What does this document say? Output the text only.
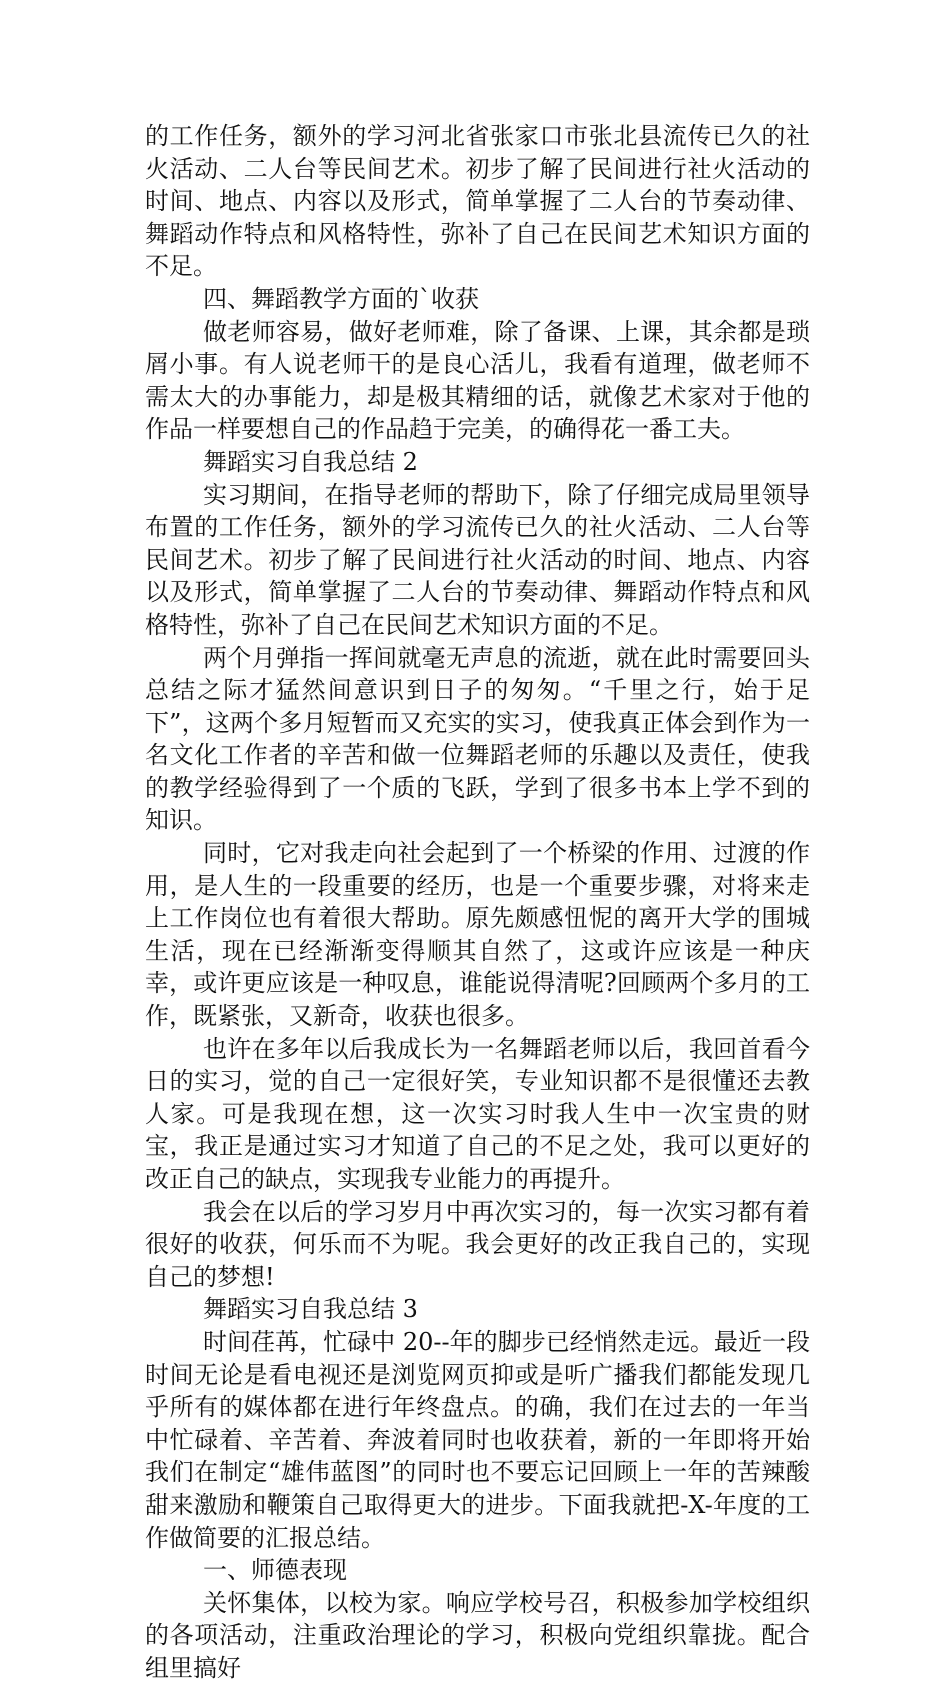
的工作任务，额外的学习河北省张家口市张北县流传已久的社火活动、二人台等民间艺术。初步了解了民间进行社火活动的时间、地点、内容以及形式，简单掌握了二人台的节奏动律、舞蹈动作特点和风格特性，弥补了自己在民间艺术知识方面的不足。

四、舞蹈教学方面的`收获

做老师容易，做好老师难，除了备课、上课，其余都是琐屑小事。有人说老师干的是良心活儿，我看有道理，做老师不需太大的办事能力，却是极其精细的话，就像艺术家对于他的作品一样要想自己的作品趋于完美，的确得花一番工夫。

舞蹈实习自我总结 2

实习期间，在指导老师的帮助下，除了仔细完成局里领导布置的工作任务，额外的学习流传已久的社火活动、二人台等民间艺术。初步了解了民间进行社火活动的时间、地点、内容以及形式，简单掌握了二人台的节奏动律、舞蹈动作特点和风格特性，弥补了自己在民间艺术知识方面的不足。

两个月弹指一挥间就毫无声息的流逝，就在此时需要回头总结之际才猛然间意识到日子的匆匆。“千里之行，始于足下”，这两个多月短暂而又充实的实习，使我真正体会到作为一名文化工作者的辛苦和做一位舞蹈老师的乐趣以及责任，使我的教学经验得到了一个质的飞跃，学到了很多书本上学不到的知识。

同时，它对我走向社会起到了一个桥梁的作用、过渡的作用，是人生的一段重要的经历，也是一个重要步骤，对将来走上工作岗位也有着很大帮助。原先颇感忸怩的离开大学的围城生活，现在已经渐渐变得顺其自然了，这或许应该是一种庆幸，或许更应该是一种叹息，谁能说得清呢?回顾两个多月的工作，既紧张，又新奇，收获也很多。

也许在多年以后我成长为一名舞蹈老师以后，我回首看今日的实习，觉的自己一定很好笑，专业知识都不是很懂还去教人家。可是我现在想，这一次实习时我人生中一次宝贵的财宝，我正是通过实习才知道了自己的不足之处，我可以更好的改正自己的缺点，实现我专业能力的再提升。

我会在以后的学习岁月中再次实习的，每一次实习都有着很好的收获，何乐而不为呢。我会更好的改正我自己的，实现自己的梦想!

舞蹈实习自我总结 3

时间荏苒，忙碌中 20--年的脚步已经悄然走远。最近一段时间无论是看电视还是浏览网页抑或是听广播我们都能发现几乎所有的媒体都在进行年终盘点。的确，我们在过去的一年当中忙碌着、辛苦着、奔波着同时也收获着，新的一年即将开始我们在制定“雄伟蓝图”的同时也不要忘记回顾上一年的苦辣酸甜来激励和鞭策自己取得更大的进步。下面我就把-X-年度的工作做简要的汇报总结。

一、师德表现

关怀集体，以校为家。响应学校号召，积极参加学校组织的各项活动，注重政治理论的学习，积极向党组织靠拢。配合组里搞好
